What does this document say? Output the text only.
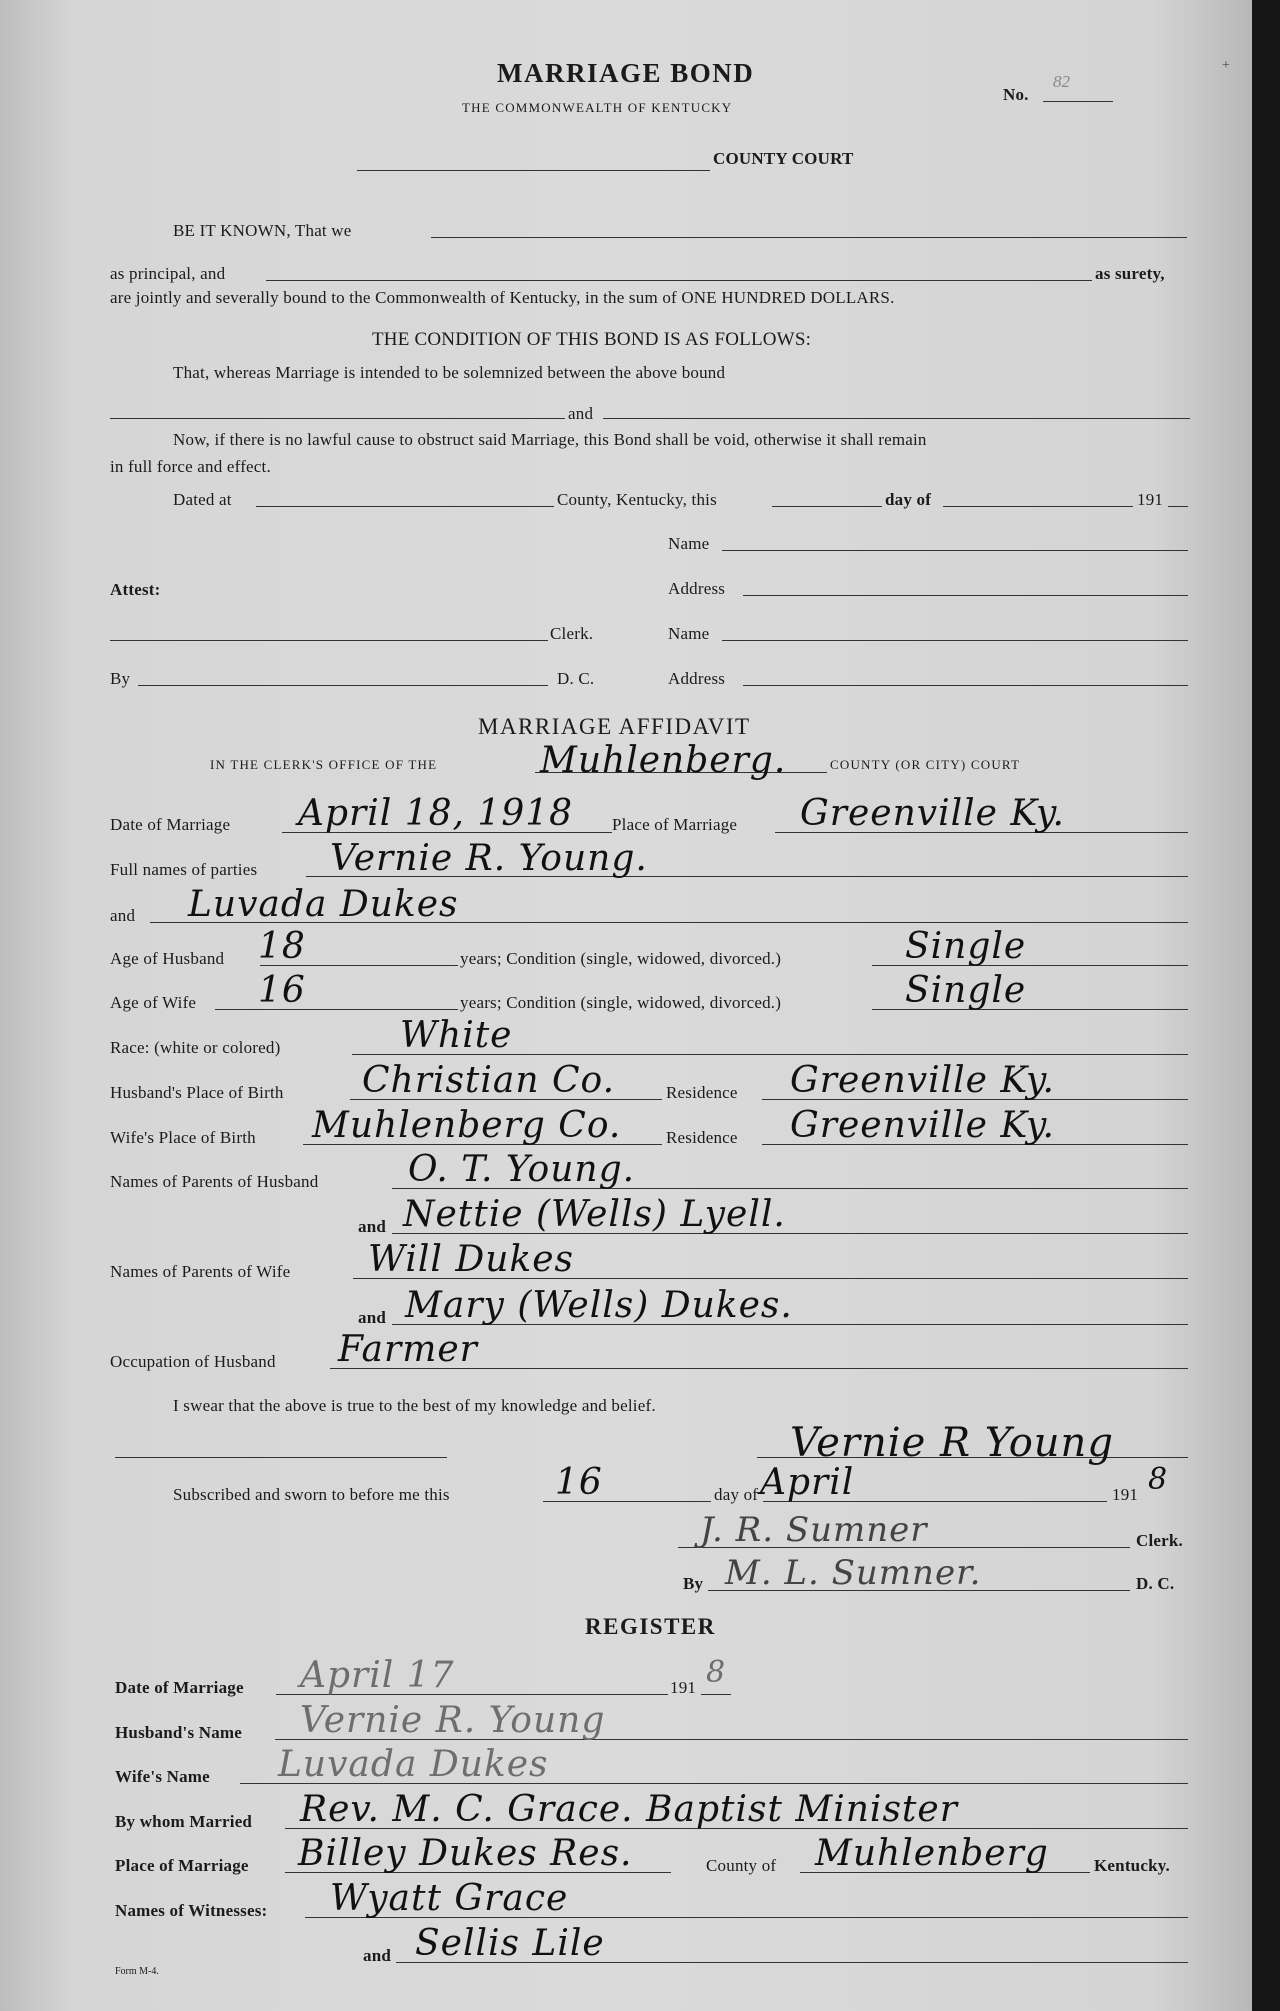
MARRIAGE BOND
THE COMMONWEALTH OF KENTUCKY
No.
82
+
COUNTY COURT
BE IT KNOWN, That we
as principal, and	as surety,
are jointly and severally bound to the Commonwealth of Kentucky, in the sum of ONE HUNDRED DOLLARS.
THE CONDITION OF THIS BOND IS AS FOLLOWS:
That, whereas Marriage is intended to be solemnized between the above bound
and
Now, if there is no lawful cause to obstruct said Marriage, this Bond shall be void, otherwise it shall remain
in full force and effect.
Dated at	County, Kentucky, this	day of	191
Name
Attest:	Address
Clerk.	Name
By	D. C.	Address
MARRIAGE AFFIDAVIT
IN THE CLERK'S OFFICE OF THE	Muhlenberg.	COUNTY (OR CITY) COURT
Date of Marriage April 18, 1918 Place of Marriage Greenville Ky.
Full names of parties Vernie R. Young.
and Luvada Dukes
Age of Husband 18	years; Condition (single, widowed, divorced.)	Single
Age of Wife 16	years; Condition (single, widowed, divorced.)	Single
Race: (white or colored)	White
Husband's Place of Birth Christian Co.	Residence Greenville Ky.
Wife's Place of Birth Muhlenberg Co.	Residence Greenville Ky.
Names of Parents of Husband O. T. Young.
and Nettie (Wells) Lyell.
Names of Parents of Wife Will Dukes
and Mary (Wells) Dukes.
Occupation of Husband Farmer
I swear that the above is true to the best of my knowledge and belief.
Vernie R Young
Subscribed and sworn to before me this	16	day of April	191 8
J. R. Sumner	Clerk.
By M. L. Sumner.	D. C.
REGISTER
Date of Marriage April 17	191 8
Husband's Name Vernie R. Young
Wife's Name Luvada Dukes
By whom Married Rev. M. C. Grace. Baptist Minister
Place of Marriage Billey Dukes Res.	County of Muhlenberg	Kentucky.
Names of Witnesses: Wyatt Grace
and Sellis Lile
Form M-4.
